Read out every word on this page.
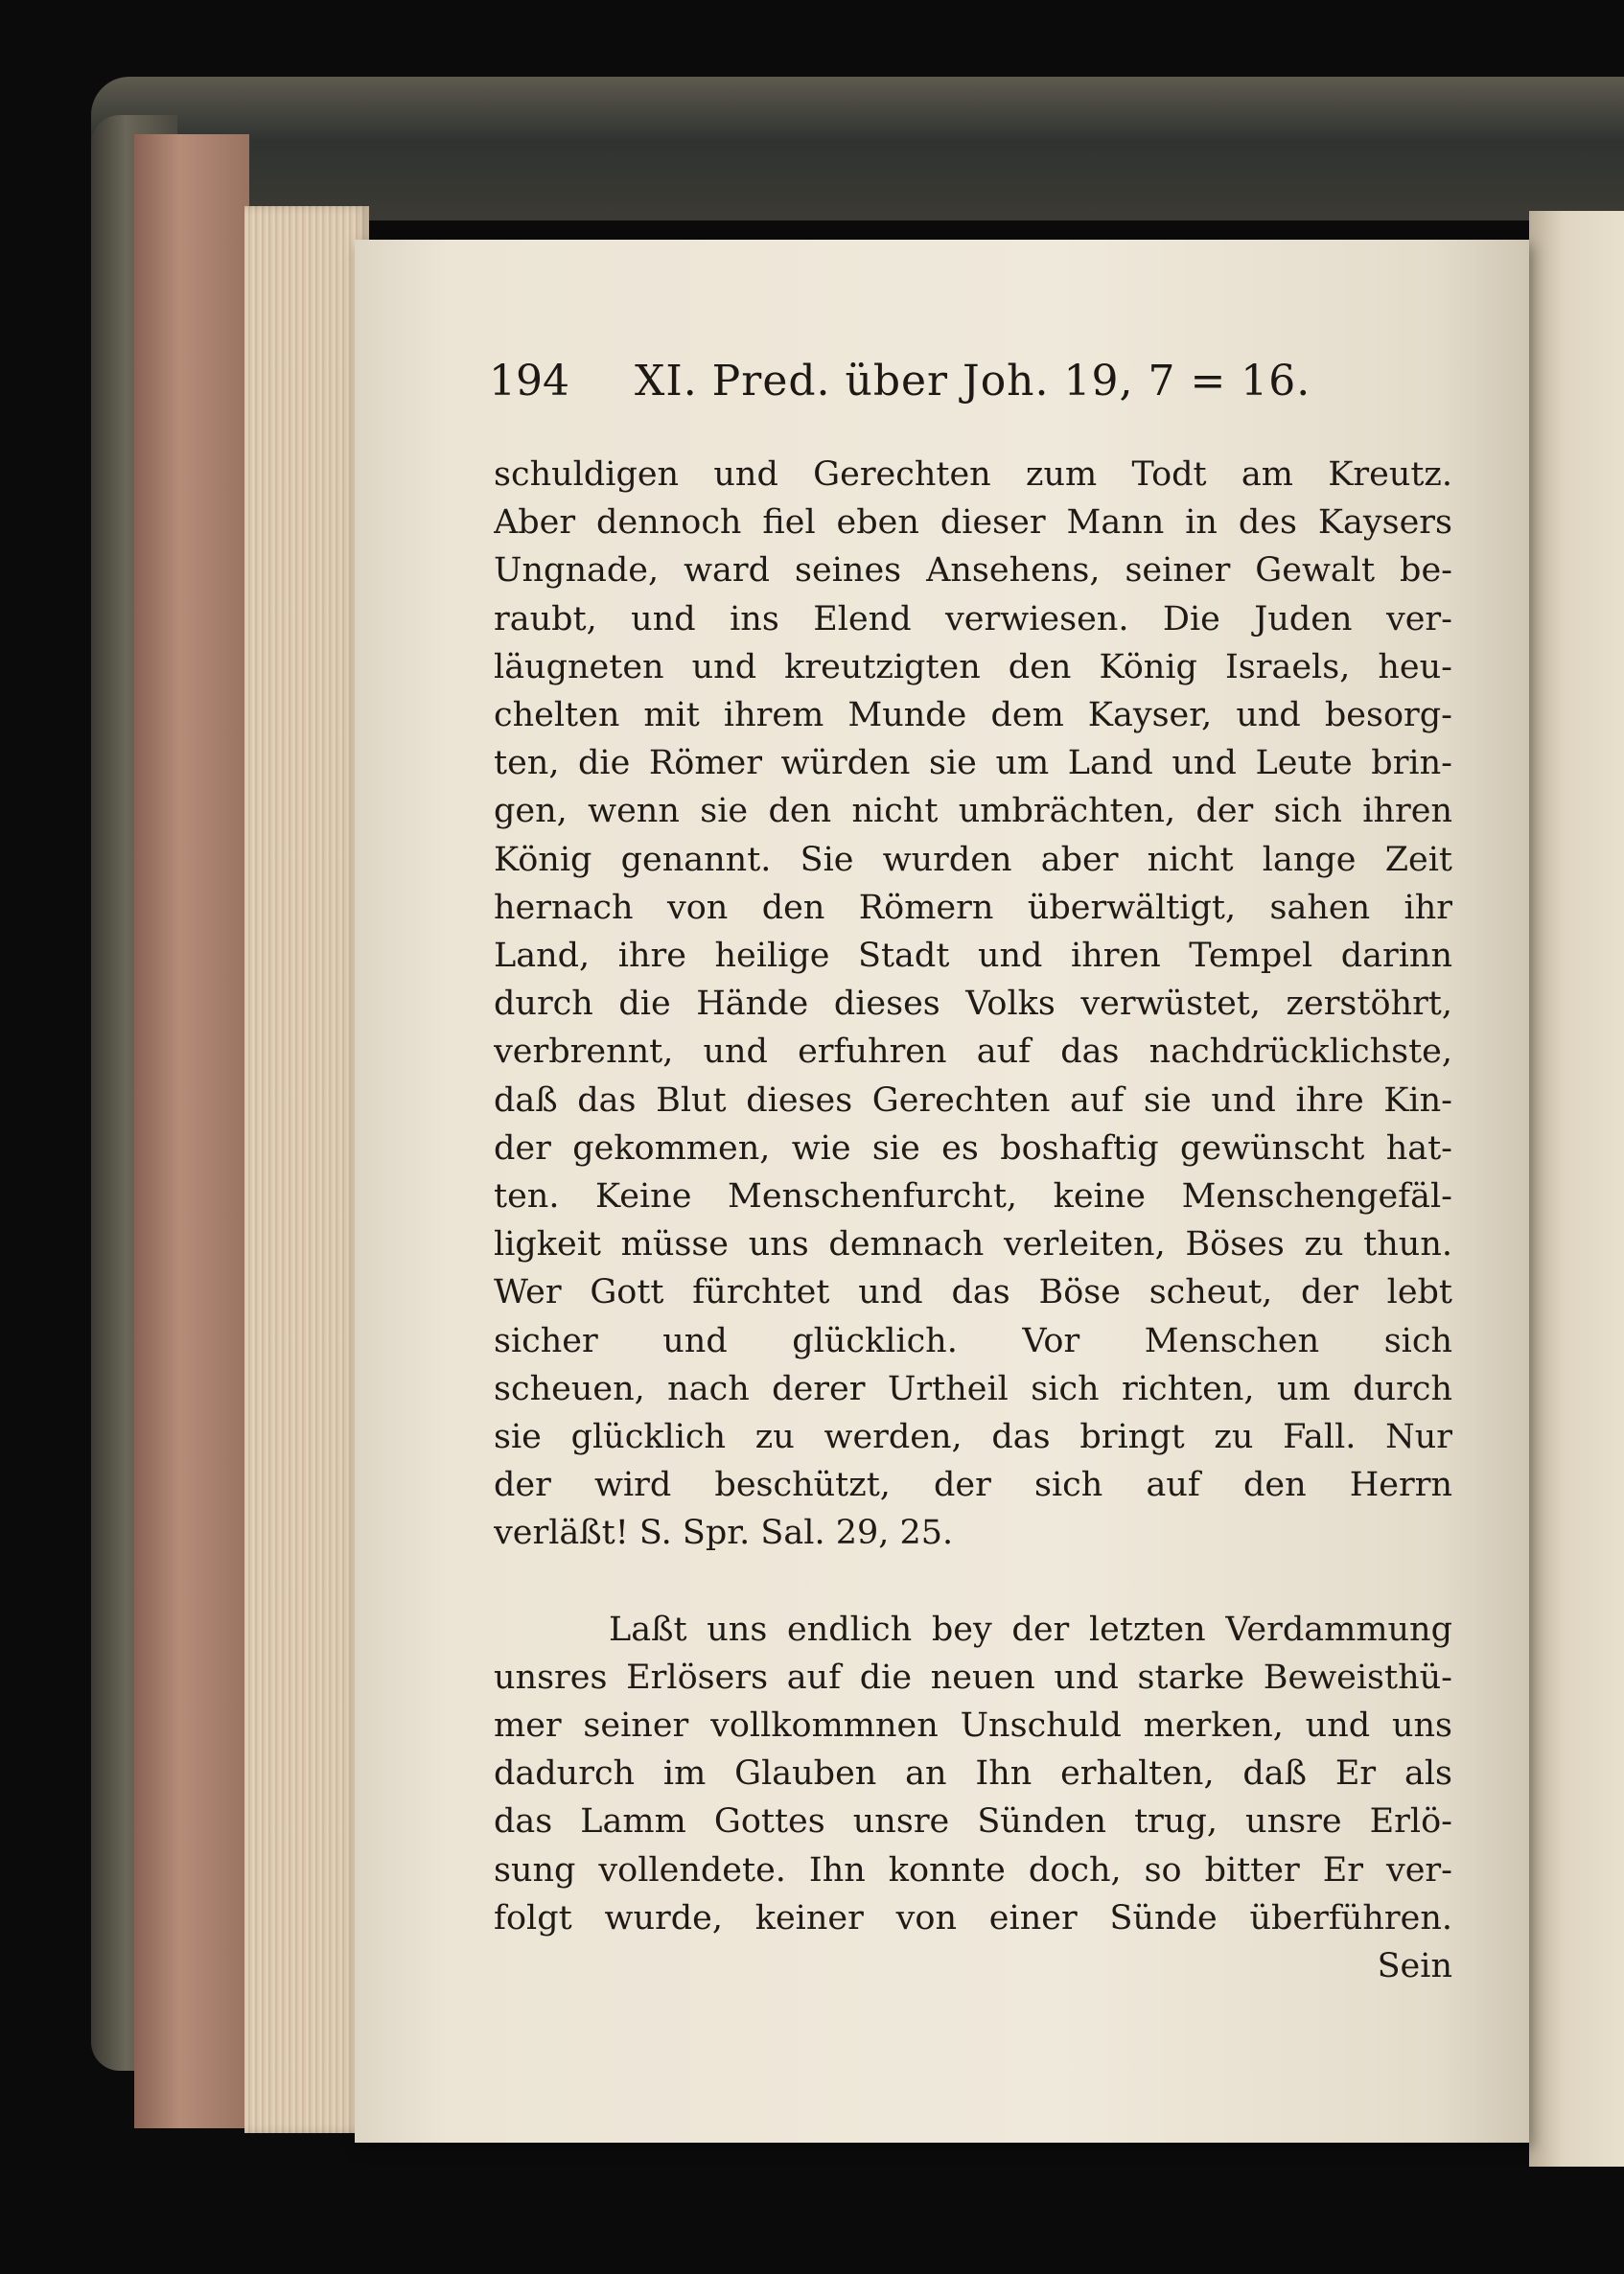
194 XI. Pred. über Joh. 19, 7 = 16.
schuldigen und Gerechten zum Todt am Kreutz.
Aber dennoch fiel eben dieser Mann in des Kaysers
Ungnade, ward seines Ansehens, seiner Gewalt be-
raubt, und ins Elend verwiesen. Die Juden ver-
läugneten und kreutzigten den König Israels, heu-
chelten mit ihrem Munde dem Kayser, und besorg-
ten, die Römer würden sie um Land und Leute brin-
gen, wenn sie den nicht umbrächten, der sich ihren
König genannt. Sie wurden aber nicht lange Zeit
hernach von den Römern überwältigt, sahen ihr
Land, ihre heilige Stadt und ihren Tempel darinn
durch die Hände dieses Volks verwüstet, zerstöhrt,
verbrennt, und erfuhren auf das nachdrücklichste,
daß das Blut dieses Gerechten auf sie und ihre Kin-
der gekommen, wie sie es boshaftig gewünscht hat-
ten. Keine Menschenfurcht, keine Menschengefäl-
ligkeit müsse uns demnach verleiten, Böses zu thun.
Wer Gott fürchtet und das Böse scheut, der lebt
sicher und glücklich. Vor Menschen sich
scheuen, nach derer Urtheil sich richten, um durch
sie glücklich zu werden, das bringt zu Fall. Nur
der wird beschützt, der sich auf den Herrn
verläßt! S. Spr. Sal. 29, 25.
Laßt uns endlich bey der letzten Verdammung
unsres Erlösers auf die neuen und starke Beweisthü-
mer seiner vollkommnen Unschuld merken, und uns
dadurch im Glauben an Ihn erhalten, daß Er als
das Lamm Gottes unsre Sünden trug, unsre Erlö-
sung vollendete. Ihn konnte doch, so bitter Er ver-
folgt wurde, keiner von einer Sünde überführen.
Sein
